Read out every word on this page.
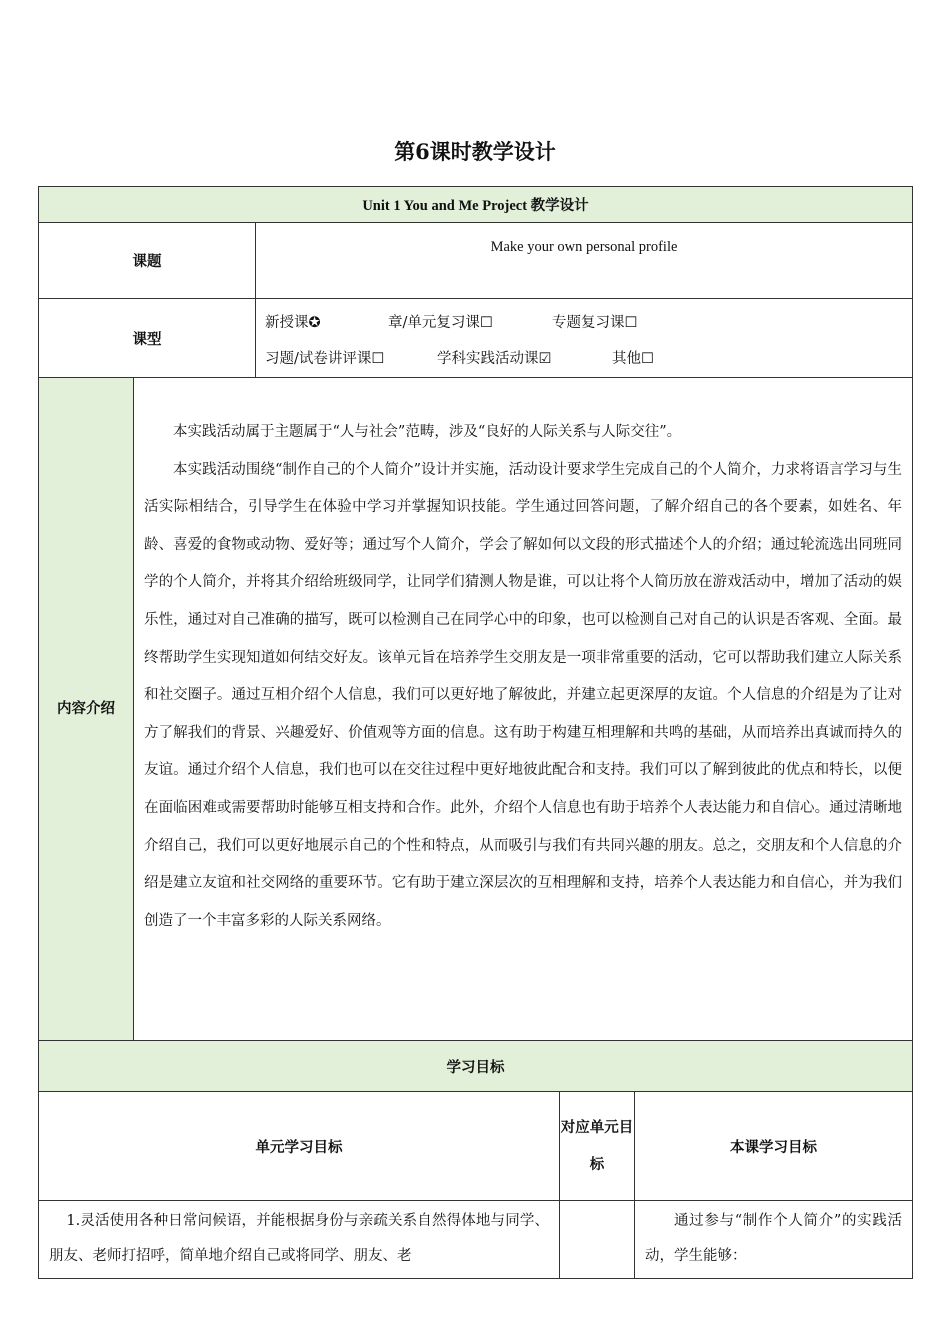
第6课时教学设计
Unit 1 You and Me Project 教学设计				
课题		Make your own personal profile		
课型		新授课✪ 章/单元复习课☐ 专题复习课☐
习题/试卷讲评课☐ 学科实践活动课☑ 其他☐		

内容介绍	本实践活动属于主题属于“人与社会”范畴，涉及“良好的人际关系与人际交往”。

本实践活动围绕“制作自己的个人简介”设计并实施，活动设计要求学生完成自己的个人简介，力求将语言学习与生活实际相结合，引导学生在体验中学习并掌握知识技能。学生通过回答问题，了解介绍自己的各个要素，如姓名、年龄、喜爱的食物或动物、爱好等；通过写个人简介，学会了解如何以文段的形式描述个人的介绍；通过轮流选出同班同学的个人简介，并将其介绍给班级同学，让同学们猜测人物是谁，可以让将个人简历放在游戏活动中，增加了活动的娱乐性，通过对自己准确的描写，既可以检测自己在同学心中的印象，也可以检测自己对自己的认识是否客观、全面。最终帮助学生实现知道如何结交好友。该单元旨在培养学生交朋友是一项非常重要的活动，它可以帮助我们建立人际关系和社交圈子。通过互相介绍个人信息，我们可以更好地了解彼此，并建立起更深厚的友谊。个人信息的介绍是为了让对方了解我们的背景、兴趣爱好、价值观等方面的信息。这有助于构建互相理解和共鸣的基础，从而培养出真诚而持久的友谊。通过介绍个人信息，我们也可以在交往过程中更好地彼此配合和支持。我们可以了解到彼此的优点和特长，以便在面临困难或需要帮助时能够互相支持和合作。此外，介绍个人信息也有助于培养个人表达能力和自信心。通过清晰地介绍自己，我们可以更好地展示自己的个性和特点，从而吸引与我们有共同兴趣的朋友。总之，交朋友和个人信息的介绍是建立友谊和社交网络的重要环节。它有助于建立深层次的互相理解和支持，培养个人表达能力和自信心，并为我们创造了一个丰富多彩的人际关系网络。			

学习目标				
单元学习目标			对应单元目标	本课学习目标

1.灵活使用各种日常问候语，并能根据身份与亲疏关系自然得体地与同学、朋友、老师打招呼，简单地介绍自己或将同学、朋友、老				通过参与“制作个人简介”的实践活动，学生能够：
